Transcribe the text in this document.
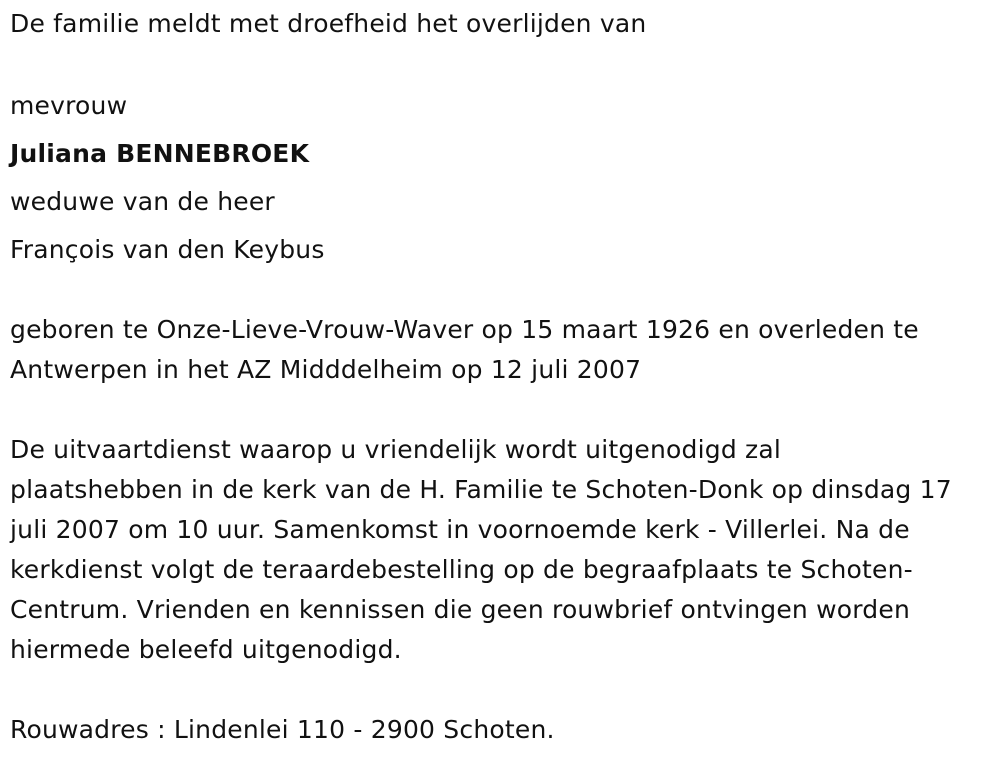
De familie meldt met droefheid het overlijden van

mevrouw

Juliana BENNEBROEK

weduwe van de heer

François van den Keybus

geboren te Onze-Lieve-Vrouw-Waver op 15 maart 1926 en overleden te

Antwerpen in het AZ Midddelheim op 12 juli 2007

De uitvaartdienst waarop u vriendelijk wordt uitgenodigd zal

plaatshebben in de kerk van de H. Familie te Schoten-Donk op dinsdag 17

juli 2007 om 10 uur. Samenkomst in voornoemde kerk - Villerlei. Na de

kerkdienst volgt de teraardebestelling op de begraafplaats te Schoten-

Centrum. Vrienden en kennissen die geen rouwbrief ontvingen worden

hiermede beleefd uitgenodigd.

Rouwadres : Lindenlei 110 - 2900 Schoten.
